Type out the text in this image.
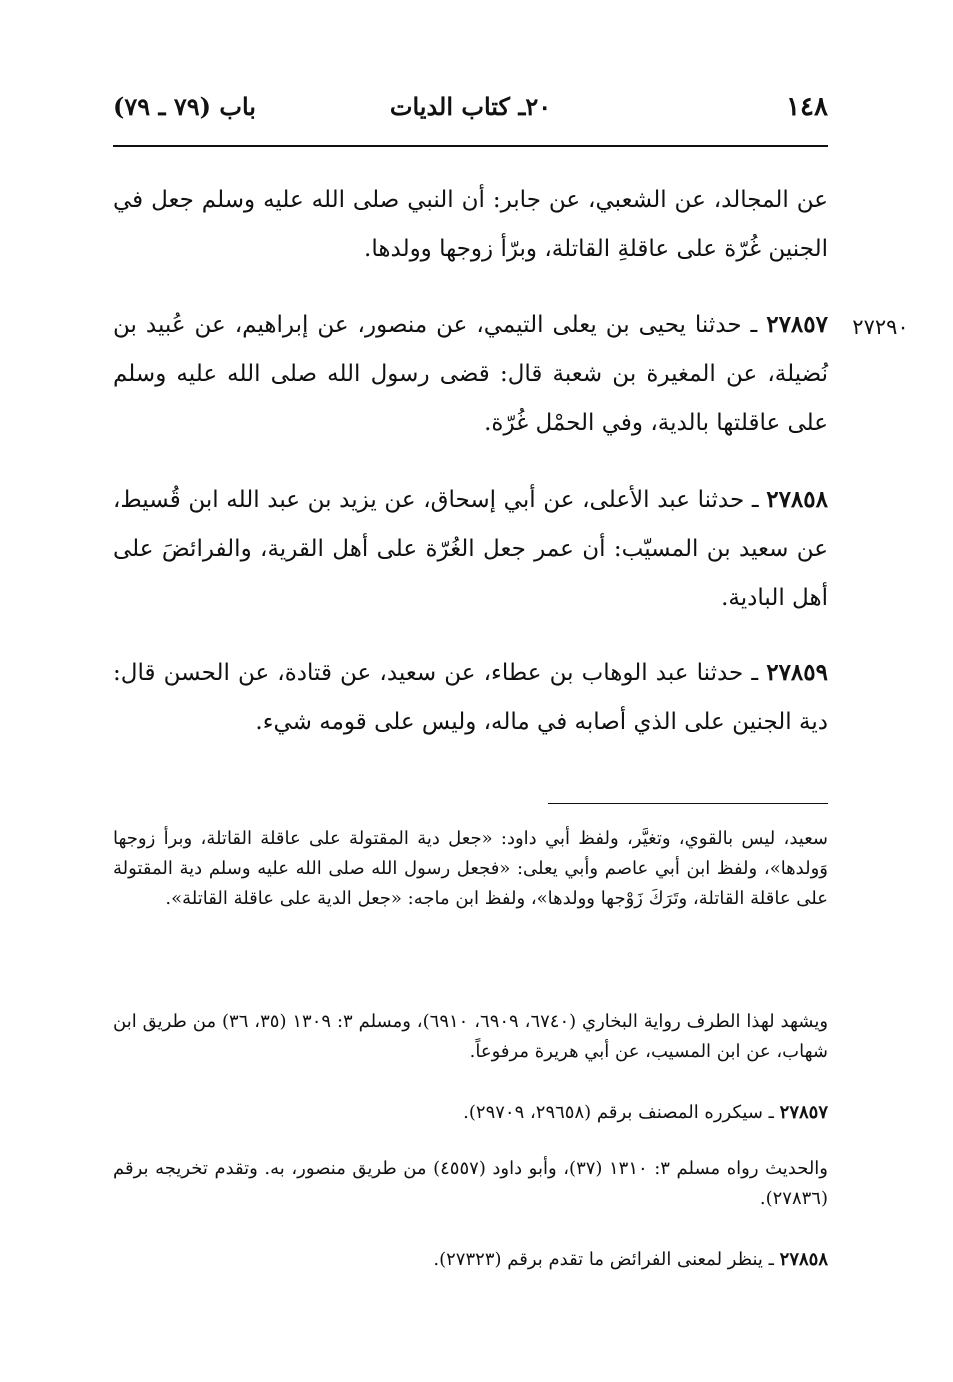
١٤٨
٢٠ـ كتاب الديات
باب (٧٩ ـ ٧٩)
٢٧٢٩٠

عن المجالد، عن الشعبي، عن جابر: أن النبي صلى الله عليه وسلم جعل في الجنين غُرّة على عاقلةِ القاتلة، وبرّأ زوجها وولدها.

٢٧٨٥٧ ـ حدثنا يحيى بن يعلى التيمي، عن منصور، عن إبراهيم، عن عُبيد بن نُضيلة، عن المغيرة بن شعبة قال: قضى رسول الله صلى الله عليه وسلم على عاقلتها بالدية، وفي الحمْل غُرّة.

٢٧٨٥٨ ـ حدثنا عبد الأعلى، عن أبي إسحاق، عن يزيد بن عبد الله ابن قُسيط، عن سعيد بن المسيّب: أن عمر جعل الغُرّة على أهل القرية، والفرائضَ على أهل البادية.

٢٧٨٥٩ ـ حدثنا عبد الوهاب بن عطاء، عن سعيد، عن قتادة، عن الحسن قال: دية الجنين على الذي أصابه في ماله، وليس على قومه شيء.

سعيد، ليس بالقوي، وتغيَّر، ولفظ أبي داود: «جعل دية المقتولة على عاقلة القاتلة، وبرأ زوجها وَولدها»، ولفظ ابن أبي عاصم وأبي يعلى: «فجعل رسول الله صلى الله عليه وسلم دية المقتولة على عاقلة القاتلة، وتَرَكَ زَوْجها وولدها»، ولفظ ابن ماجه: «جعل الدية على عاقلة القاتلة».

ويشهد لهذا الطرف رواية البخاري (٦٧٤٠، ٦٩٠٩، ٦٩١٠)، ومسلم ٣: ١٣٠٩ (٣٥، ٣٦) من طريق ابن شهاب، عن ابن المسيب، عن أبي هريرة مرفوعاً.

٢٧٨٥٧ ـ سيكرره المصنف برقم (٢٩٦٥٨، ٢٩٧٠٩).

والحديث رواه مسلم ٣: ١٣١٠ (٣٧)، وأبو داود (٤٥٥٧) من طريق منصور، به. وتقدم تخريجه برقم (٢٧٨٣٦).

٢٧٨٥٨ ـ ينظر لمعنى الفرائض ما تقدم برقم (٢٧٣٢٣).
